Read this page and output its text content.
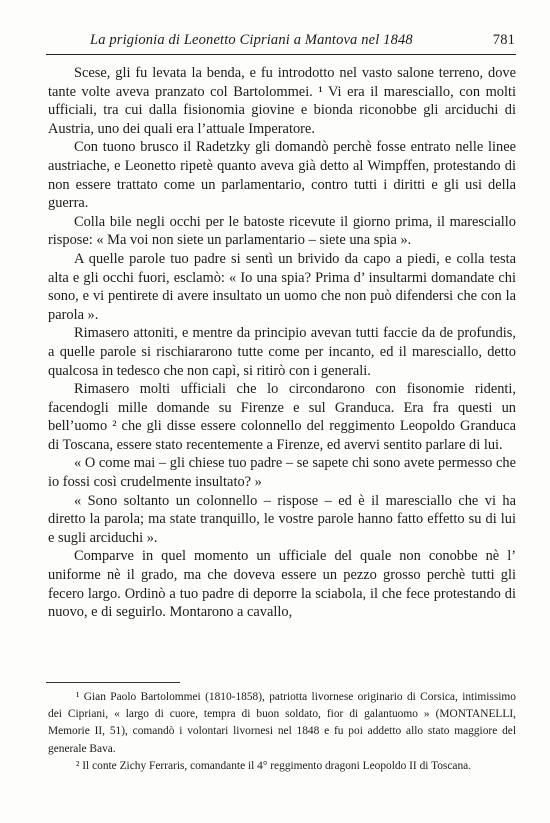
La prigionia di Leonetto Cipriani a Mantova nel 1848	781

Scese, gli fu levata la benda, e fu introdotto nel vasto salone terreno, dove tante volte aveva pranzato col Bartolommei. ¹ Vi era il maresciallo, con molti ufficiali, tra cui dalla fisionomia giovine e bionda riconobbe gli arciduchi di Austria, uno dei quali era l’attuale Imperatore.

Con tuono brusco il Radetzky gli domandò perchè fosse entrato nelle linee austriache, e Leonetto ripetè quanto aveva già detto al Wimpffen, protestando di non essere trattato come un parlamentario, contro tutti i diritti e gli usi della guerra.

Colla bile negli occhi per le batoste ricevute il giorno prima, il maresciallo rispose: « Ma voi non siete un parlamentario – siete una spia ».

A quelle parole tuo padre si sentì un brivido da capo a piedi, e colla testa alta e gli occhi fuori, esclamò: « Io una spia? Prima d’ insultarmi domandate chi sono, e vi pentirete di avere insultato un uomo che non può difendersi che con la parola ».

Rimasero attoniti, e mentre da principio avevan tutti faccie da de profundis, a quelle parole si rischiararono tutte come per incanto, ed il maresciallo, detto qualcosa in tedesco che non capì, si ritirò con i generali.

Rimasero molti ufficiali che lo circondarono con fisonomie ridenti, facendogli mille domande su Firenze e sul Granduca. Era fra questi un bell’uomo ² che gli disse essere colonnello del reggimento Leopoldo Granduca di Toscana, essere stato recentemente a Firenze, ed avervi sentito parlare di lui.

« O come mai – gli chiese tuo padre – se sapete chi sono avete permesso che io fossi così crudelmente insultato? »

« Sono soltanto un colonnello – rispose – ed è il maresciallo che vi ha diretto la parola; ma state tranquillo, le vostre parole hanno fatto effetto su di lui e sugli arciduchi ».

Comparve in quel momento un ufficiale del quale non conobbe nè l’ uniforme nè il grado, ma che doveva essere un pezzo grosso perchè tutti gli fecero largo. Ordinò a tuo padre di deporre la sciabola, il che fece protestando di nuovo, e di seguirlo. Montarono a cavallo,

¹ Gian Paolo Bartolommei (1810-1858), patriotta livornese originario di Corsica, intimissimo dei Cipriani, « largo di cuore, tempra di buon soldato, fior di galantuomo » (MONTANELLI, Memorie II, 51), comandò i volontari livornesi nel 1848 e fu poi addetto allo stato maggiore del generale Bava.

² Il conte Zichy Ferraris, comandante il 4° reggimento dragoni Leopoldo II di Toscana.
